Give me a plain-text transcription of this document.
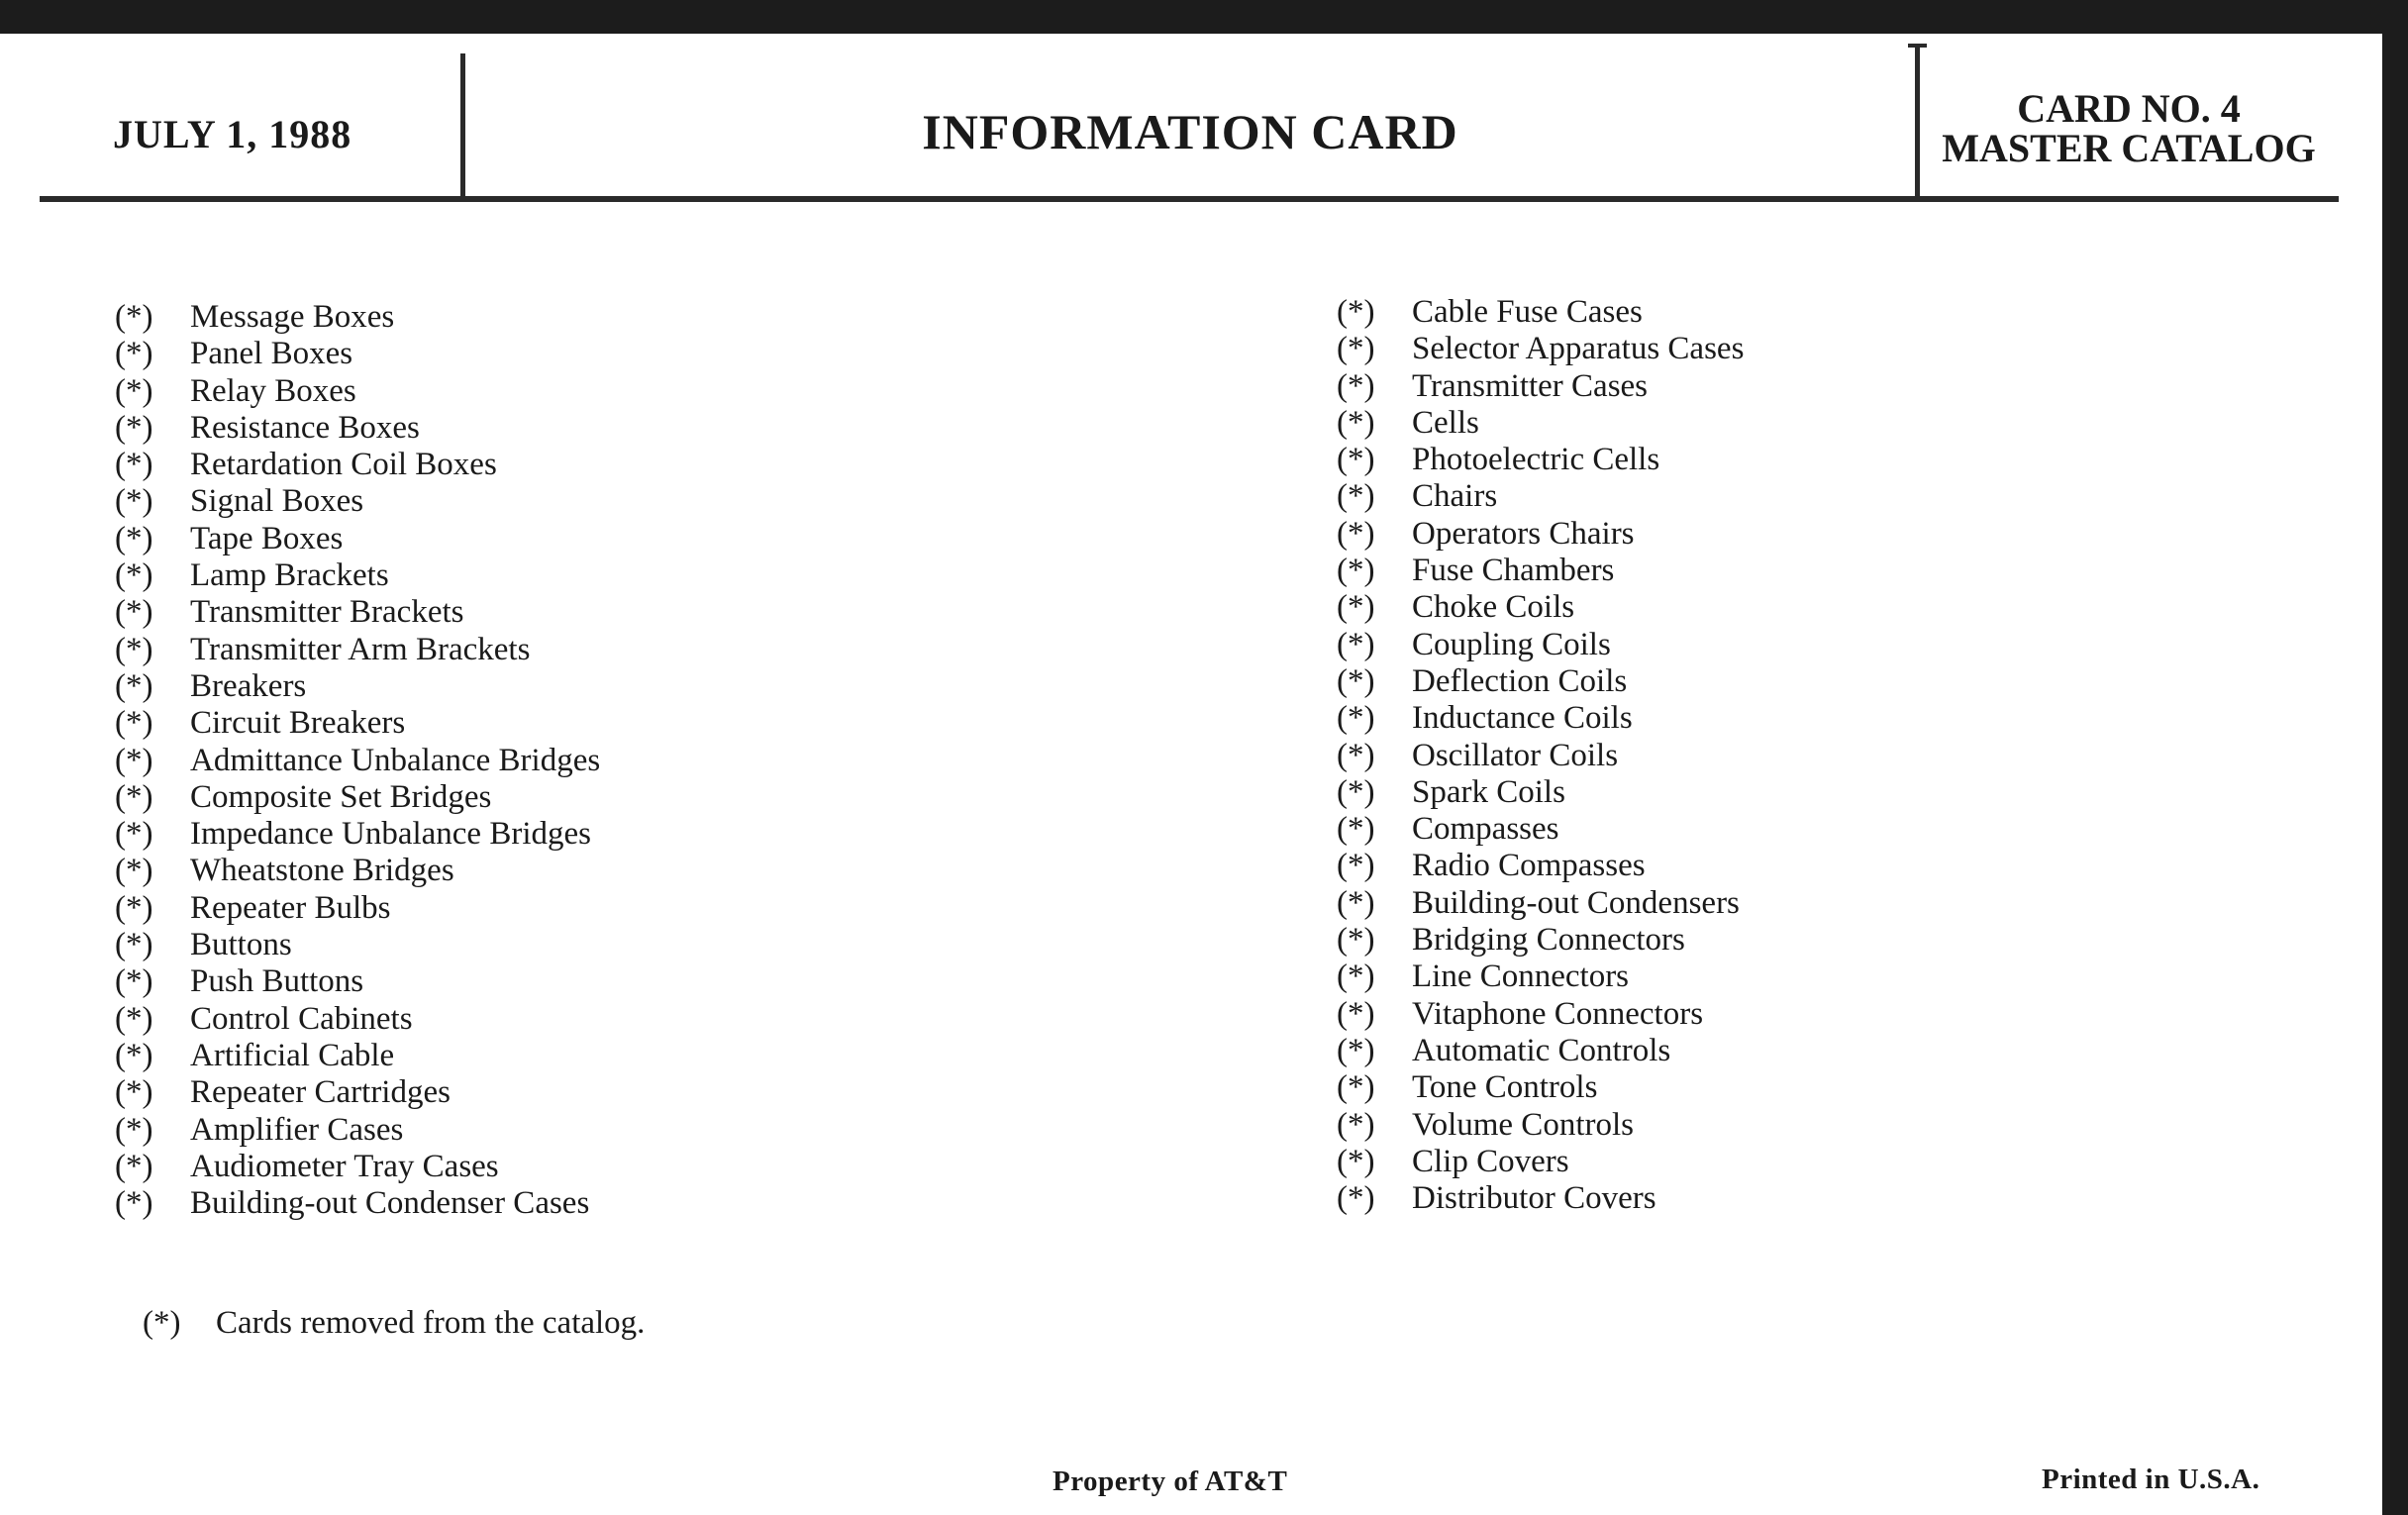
JULY 1, 1988	INFORMATION CARD	CARD NO. 4
MASTER CATALOG
(*)	Message Boxes
(*)	Panel Boxes
(*)	Relay Boxes
(*)	Resistance Boxes
(*)	Retardation Coil Boxes
(*)	Signal Boxes
(*)	Tape Boxes
(*)	Lamp Brackets
(*)	Transmitter Brackets
(*)	Transmitter Arm Brackets
(*)	Breakers
(*)	Circuit Breakers
(*)	Admittance Unbalance Bridges
(*)	Composite Set Bridges
(*)	Impedance Unbalance Bridges
(*)	Wheatstone Bridges
(*)	Repeater Bulbs
(*)	Buttons
(*)	Push Buttons
(*)	Control Cabinets
(*)	Artificial Cable
(*)	Repeater Cartridges
(*)	Amplifier Cases
(*)	Audiometer Tray Cases
(*)	Building-out Condenser Cases
(*)	Cable Fuse Cases
(*)	Selector Apparatus Cases
(*)	Transmitter Cases
(*)	Cells
(*)	Photoelectric Cells
(*)	Chairs
(*)	Operators Chairs
(*)	Fuse Chambers
(*)	Choke Coils
(*)	Coupling Coils
(*)	Deflection Coils
(*)	Inductance Coils
(*)	Oscillator Coils
(*)	Spark Coils
(*)	Compasses
(*)	Radio Compasses
(*)	Building-out Condensers
(*)	Bridging Connectors
(*)	Line Connectors
(*)	Vitaphone Connectors
(*)	Automatic Controls
(*)	Tone Controls
(*)	Volume Controls
(*)	Clip Covers
(*)	Distributor Covers
(*)	Cards removed from the catalog.
Property of AT&T	Printed in U.S.A.
